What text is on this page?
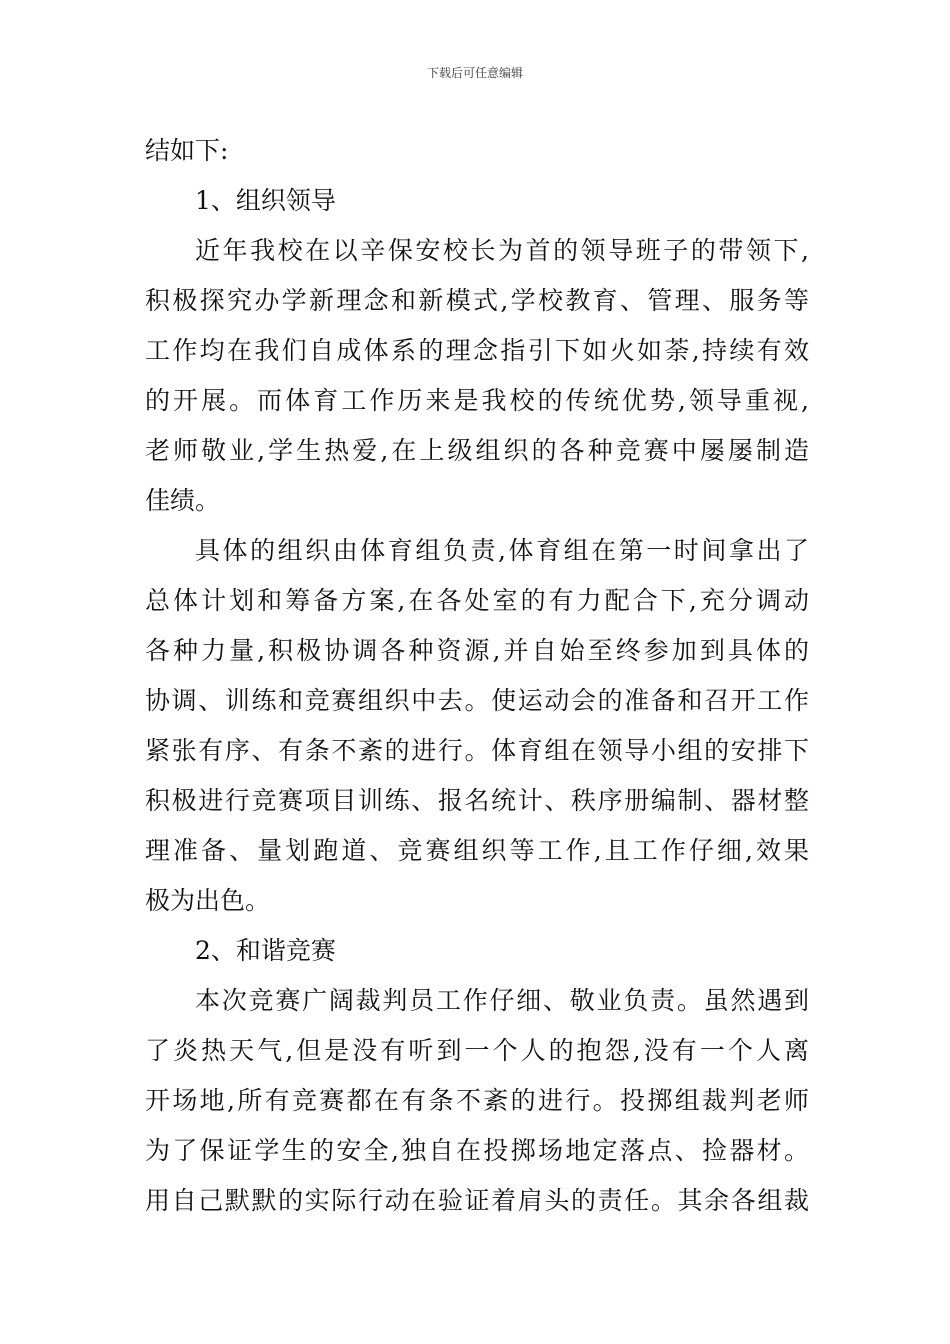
下载后可任意编辑
结如下:
1、组织领导
近年我校在以辛保安校长为首的领导班子的带领下,
积极探究办学新理念和新模式,学校教育、管理、服务等
工作均在我们自成体系的理念指引下如火如荼,持续有效
的开展。而体育工作历来是我校的传统优势,领导重视,
老师敬业,学生热爱,在上级组织的各种竞赛中屡屡制造
佳绩。
具体的组织由体育组负责,体育组在第一时间拿出了
总体计划和筹备方案,在各处室的有力配合下,充分调动
各种力量,积极协调各种资源,并自始至终参加到具体的
协调、训练和竞赛组织中去。使运动会的准备和召开工作
紧张有序、有条不紊的进行。体育组在领导小组的安排下
积极进行竞赛项目训练、报名统计、秩序册编制、器材整
理准备、量划跑道、竞赛组织等工作,且工作仔细,效果
极为出色。
2、和谐竞赛
本次竞赛广阔裁判员工作仔细、敬业负责。虽然遇到
了炎热天气,但是没有听到一个人的抱怨,没有一个人离
开场地,所有竞赛都在有条不紊的进行。投掷组裁判老师
为了保证学生的安全,独自在投掷场地定落点、捡器材。
用自己默默的实际行动在验证着肩头的责任。其余各组裁
